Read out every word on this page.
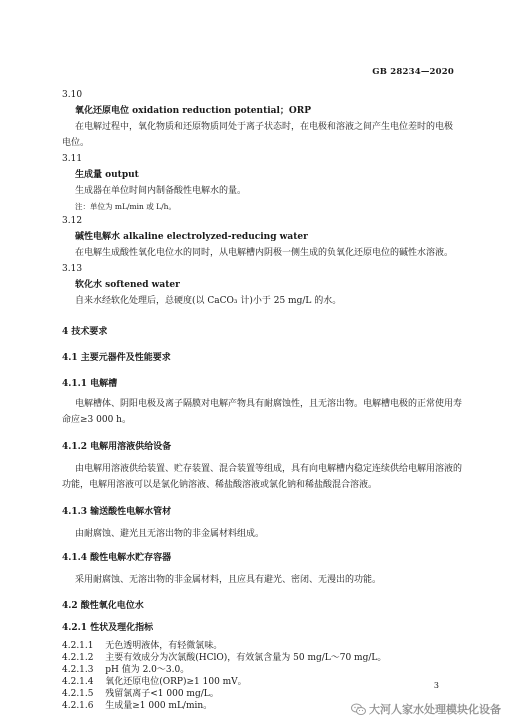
GB 28234—2020
3.10
氧化还原电位 oxidation reduction potential；ORP
在电解过程中，氧化物质和还原物质同处于离子状态时，在电极和溶液之间产生电位差时的电极
电位。
3.11
生成量 output
生成器在单位时间内制备酸性电解水的量。
注：单位为 mL/min 或 L/h。
3.12
碱性电解水 alkaline electrolyzed-reducing water
在电解生成酸性氧化电位水的同时，从电解槽内阴极一侧生成的负氧化还原电位的碱性水溶液。
3.13
软化水 softened water
自来水经软化处理后，总硬度(以 CaCO₃ 计)小于 25 mg/L 的水。
4 技术要求
4.1 主要元器件及性能要求
4.1.1 电解槽
电解槽体、阴阳电极及离子隔膜对电解产物具有耐腐蚀性，且无溶出物。电解槽电极的正常使用寿
命应≥3 000 h。
4.1.2 电解用溶液供给设备
由电解用溶液供给装置、贮存装置、混合装置等组成，具有向电解槽内稳定连续供给电解用溶液的
功能，电解用溶液可以是氯化钠溶液、稀盐酸溶液或氯化钠和稀盐酸混合溶液。
4.1.3 输送酸性电解水管材
由耐腐蚀、避光且无溶出物的非金属材料组成。
4.1.4 酸性电解水贮存容器
采用耐腐蚀、无溶出物的非金属材料，且应具有避光、密闭、无漫出的功能。
4.2 酸性氧化电位水
4.2.1 性状及理化指标
4.2.1.1 无色透明液体，有轻微氯味。
4.2.1.2 主要有效成分为次氯酸(HClO)，有效氯含量为 50 mg/L～70 mg/L。
4.2.1.3 pH 值为 2.0～3.0。
4.2.1.4 氧化还原电位(ORP)≥1 100 mV。
4.2.1.5 残留氯离子<1 000 mg/L。
4.2.1.6 生成量≥1 000 mL/min。
3
大河人家水处理模块化设备
